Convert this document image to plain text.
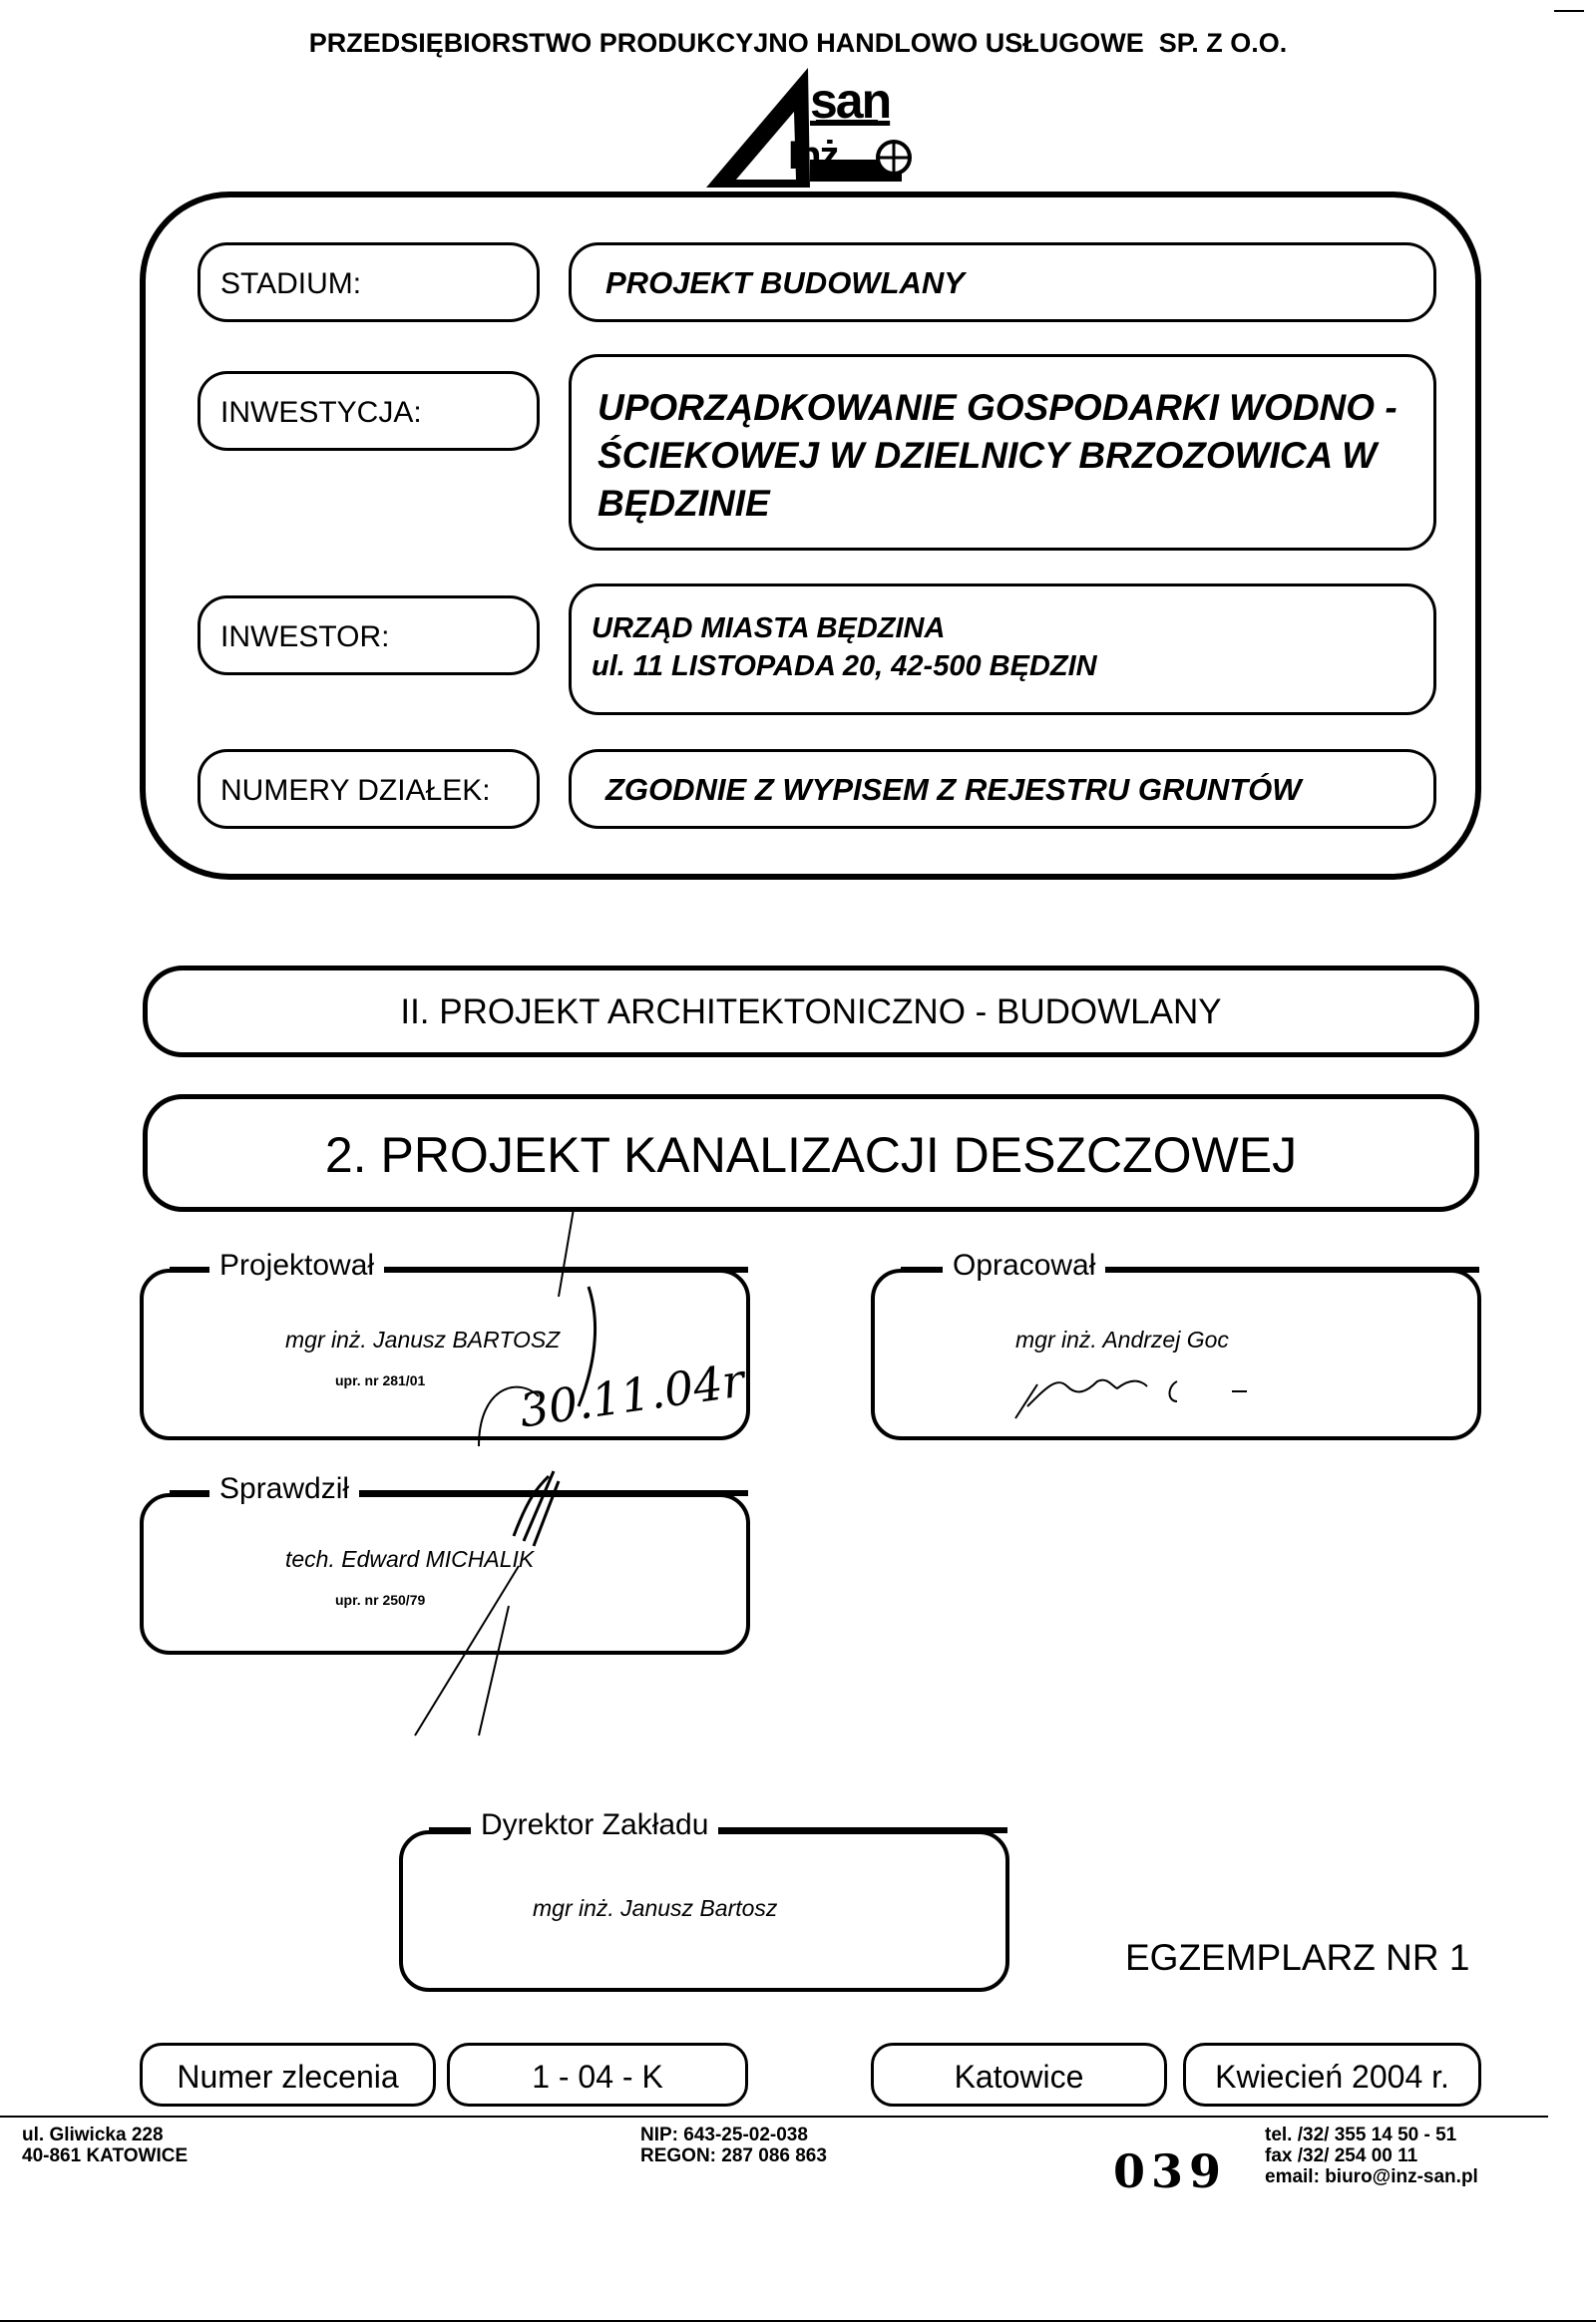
PRZEDSIĘBIORSTWO PRODUKCYJNO HANDLOWO USŁUGOWE  SP. Z O.O.
san
Inż
STADIUM:	PROJEKT BUDOWLANY
INWESTYCJA:	UPORZĄDKOWANIE GOSPODARKI WODNO -
ŚCIEKOWEJ W DZIELNICY BRZOZOWICA W
BĘDZINIE
INWESTOR:	URZĄD MIASTA BĘDZINA
ul. 11 LISTOPADA 20, 42-500 BĘDZIN
NUMERY DZIAŁEK:	ZGODNIE Z WYPISEM Z REJESTRU GRUNTÓW
II. PROJEKT ARCHITEKTONICZNO - BUDOWLANY
2. PROJEKT KANALIZACJI DESZCZOWEJ
Projektował
mgr inż. Janusz BARTOSZ
upr. nr 281/01 30.11.04r
Opracował
mgr inż. Andrzej Goc
Sprawdził
tech. Edward MICHALIK
upr. nr 250/79
Dyrektor Zakładu
mgr inż. Janusz Bartosz
EGZEMPLARZ NR 1
Numer zlecenia	1 - 04 - K	Katowice	Kwiecień 2004 r.
ul. Gliwicka 228
40-861 KATOWICE
NIP: 643-25-02-038
REGON: 287 086 863	039
tel. /32/ 355 14 50 - 51
fax /32/ 254 00 11
email: biuro@inz-san.pl
